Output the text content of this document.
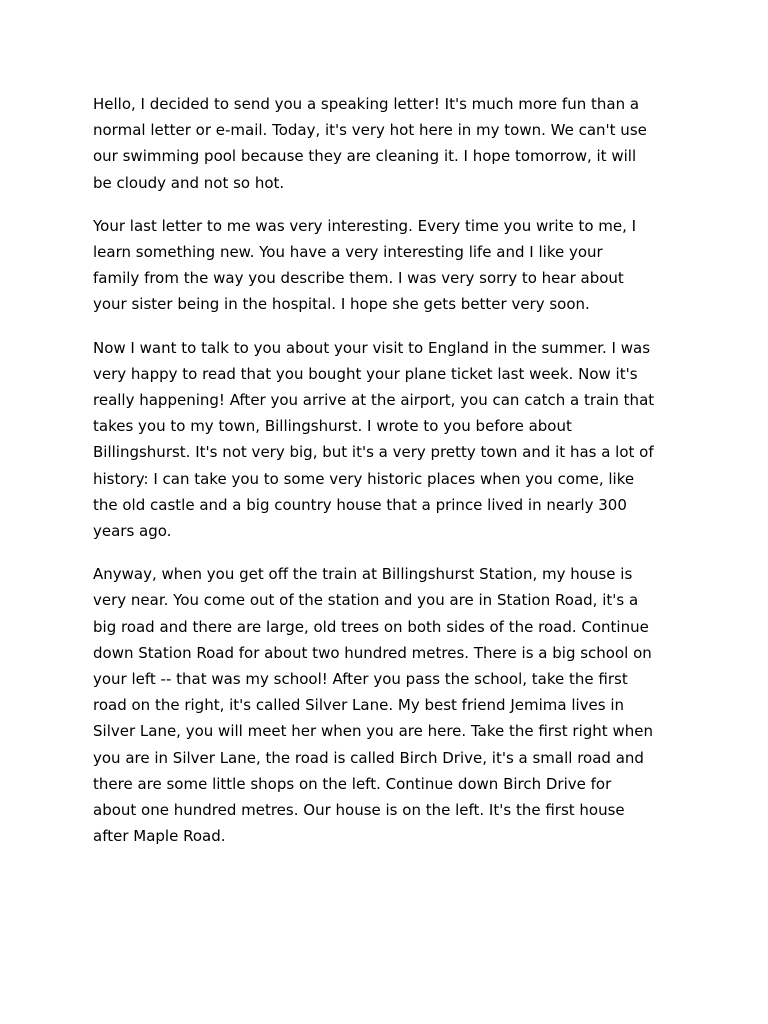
Hello, I decided to send you a speaking letter! It's much more fun than a
normal letter or e-mail. Today, it's very hot here in my town. We can't use
our swimming pool because they are cleaning it. I hope tomorrow, it will
be cloudy and not so hot.

Your last letter to me was very interesting. Every time you write to me, I
learn something new. You have a very interesting life and I like your
family from the way you describe them. I was very sorry to hear about
your sister being in the hospital. I hope she gets better very soon.

Now I want to talk to you about your visit to England in the summer. I was
very happy to read that you bought your plane ticket last week. Now it's
really happening! After you arrive at the airport, you can catch a train that
takes you to my town, Billingshurst. I wrote to you before about
Billingshurst. It's not very big, but it's a very pretty town and it has a lot of
history: I can take you to some very historic places when you come, like
the old castle and a big country house that a prince lived in nearly 300
years ago.

Anyway, when you get off the train at Billingshurst Station, my house is
very near. You come out of the station and you are in Station Road, it's a
big road and there are large, old trees on both sides of the road. Continue
down Station Road for about two hundred metres. There is a big school on
your left -- that was my school! After you pass the school, take the first
road on the right, it's called Silver Lane. My best friend Jemima lives in
Silver Lane, you will meet her when you are here. Take the first right when
you are in Silver Lane, the road is called Birch Drive, it's a small road and
there are some little shops on the left. Continue down Birch Drive for
about one hundred metres. Our house is on the left. It's the first house
after Maple Road.
